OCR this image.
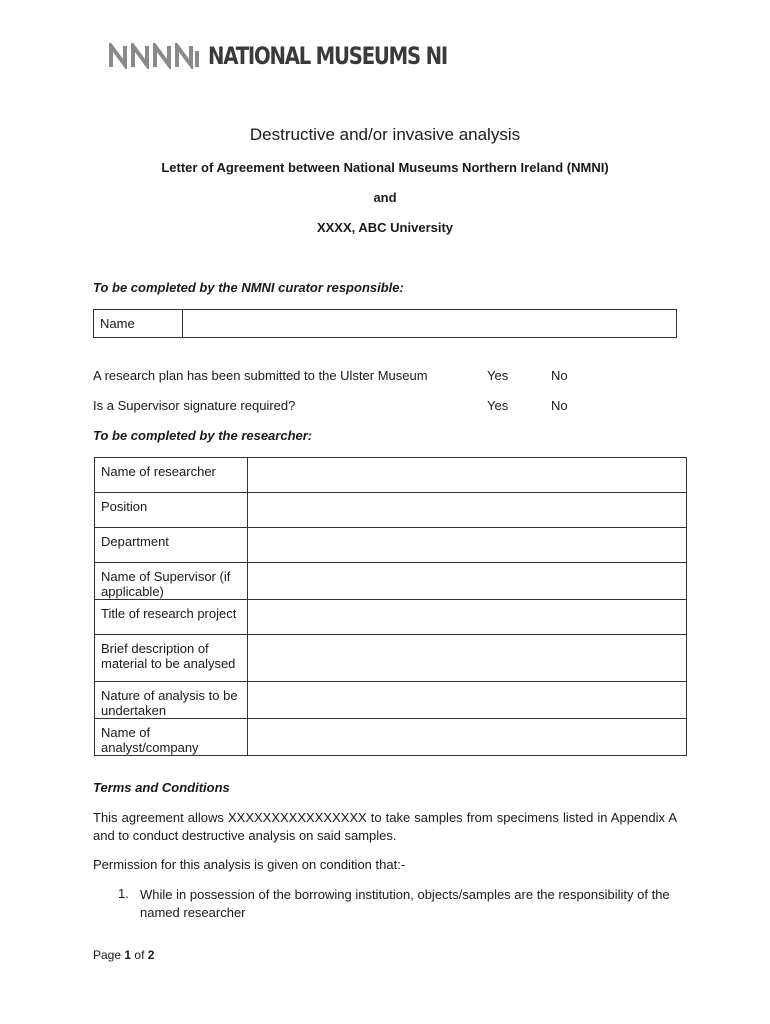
NATIONAL MUSEUMS NI
Destructive and/or invasive analysis
Letter of Agreement between National Museums Northern Ireland (NMNI)
and
XXXX, ABC University
To be completed by the NMNI curator responsible:
Name	
A research plan has been submitted to the Ulster Museum	Yes	No
Is a Supervisor signature required?	Yes	No
To be completed by the researcher:
Name of researcher	
Position	
Department	
Name of Supervisor (if applicable)	
Title of research project	
Brief description of material to be analysed	
Nature of analysis to be undertaken	
Name of analyst/company	
Terms and Conditions
This agreement allows XXXXXXXXXXXXXXXX to take samples from specimens listed in Appendix A and to conduct destructive analysis on said samples.
Permission for this analysis is given on condition that:-
1. While in possession of the borrowing institution, objects/samples are the responsibility of the named researcher
Page 1 of 2
